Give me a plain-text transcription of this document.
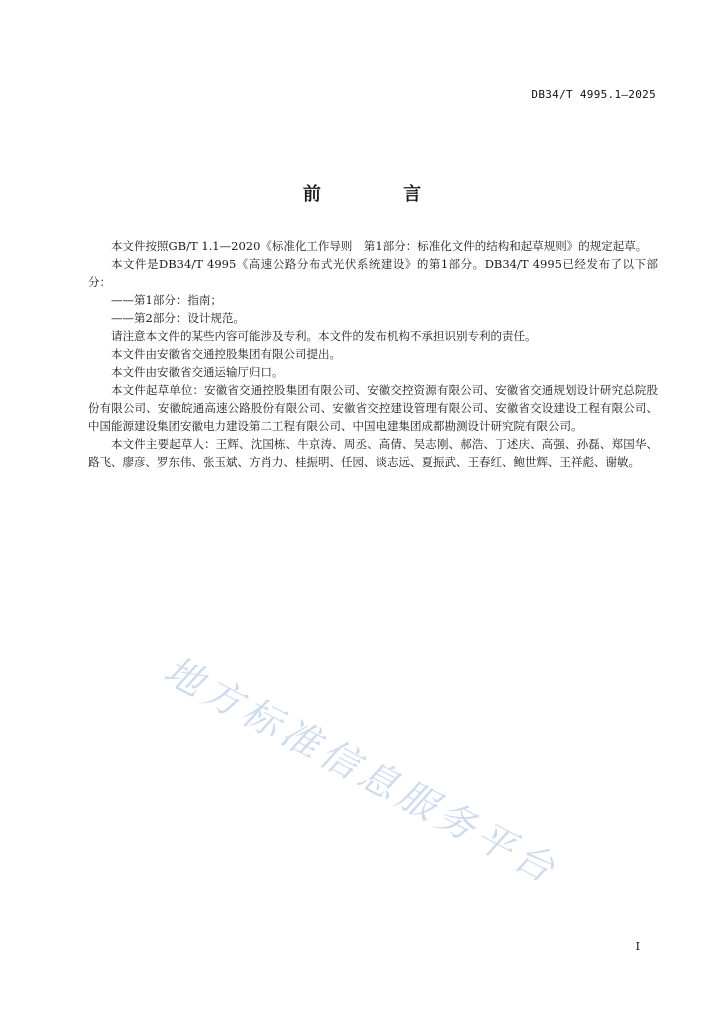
DB34/T 4995.1—2025
前 言

本文件按照GB/T 1.1—2020《标准化工作导则　第1部分：标准化文件的结构和起草规则》的规定起草。

本文件是DB34/T 4995《高速公路分布式光伏系统建设》的第1部分。DB34/T 4995已经发布了以下部分：

——第1部分：指南；

——第2部分：设计规范。

请注意本文件的某些内容可能涉及专利。本文件的发布机构不承担识别专利的责任。

本文件由安徽省交通控股集团有限公司提出。

本文件由安徽省交通运输厅归口。

本文件起草单位：安徽省交通控股集团有限公司、安徽交控资源有限公司、安徽省交通规划设计研究总院股份有限公司、安徽皖通高速公路股份有限公司、安徽省交控建设管理有限公司、安徽省交设建设工程有限公司、中国能源建设集团安徽电力建设第二工程有限公司、中国电建集团成都勘测设计研究院有限公司。

本文件主要起草人：王辉、沈国栋、牛京涛、周丞、高倩、吴志刚、郝浩、丁述庆、高强、孙磊、郑国华、路飞、廖彦、罗东伟、张玉斌、方肖力、桂振明、任园、谈志远、夏振武、王春红、鲍世辉、王祥彪、谢敏。

地方标准信息服务平台
I
